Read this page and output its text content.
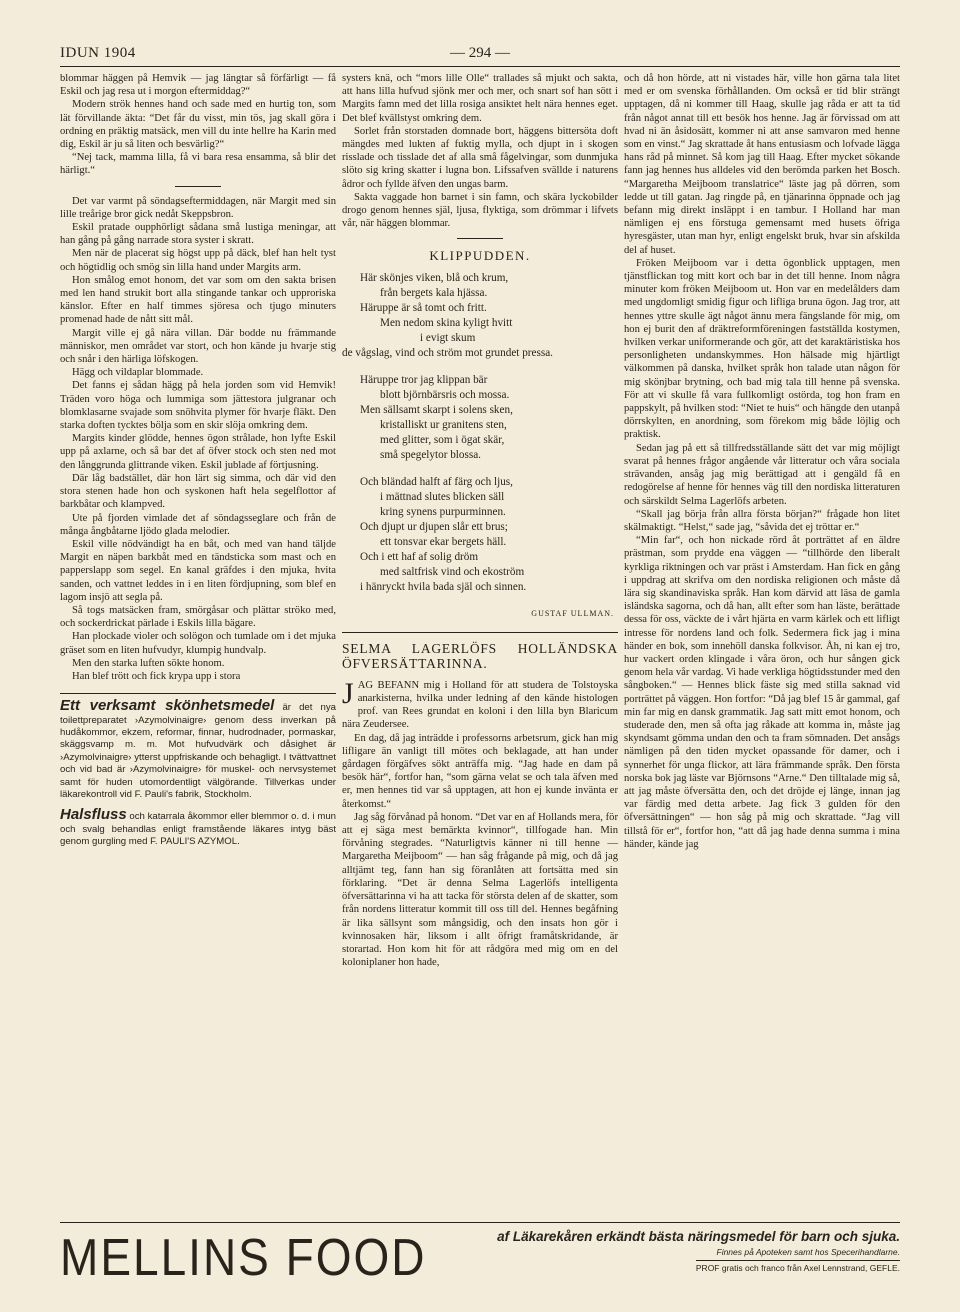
IDUN 1904	— 294 —

blommar häggen på Hemvik — jag längtar så förfärligt — få Eskil och jag resa ut i morgon eftermiddag?“

Modern strök hennes hand och sade med en hurtig ton, som lät förvillande äkta: “Det får du visst, min tös, jag skall göra i ordning en präktig matsäck, men vill du inte hellre ha Karin med dig, Eskil är ju så liten och besvärlig?“

“Nej tack, mamma lilla, få vi bara resa ensamma, så blir det härligt.“

Det var varmt på söndagseftermiddagen, när Margit med sin lille treårige bror gick nedåt Skeppsbron.

Eskil pratade oupphörligt sådana små lustiga meningar, att han gång på gång narrade stora syster i skratt.

Men när de placerat sig högst upp på däck, blef han helt tyst och högtidlig och smög sin lilla hand under Margits arm.

Hon smålog emot honom, det var som om den sakta brisen med len hand strukit bort alla stingande tankar och upproriska känslor. Efter en half timmes sjöresa och tjugo minuters promenad hade de nått sitt mål.

Margit ville ej gå nära villan. Där bodde nu främmande människor, men området var stort, och hon kände ju hvarje stig och snår i den härliga löfskogen.

Hägg och vildaplar blommade.

Det fanns ej sådan hägg på hela jorden som vid Hemvik! Träden voro höga och lummiga som jättestora julgranar och blomklasarne svajade som snöhvita plymer för hvarje fläkt. Den starka doften tycktes bölja som en skir slöja omkring dem.

Margits kinder glödde, hennes ögon strålade, hon lyfte Eskil upp på axlarne, och så bar det af öfver stock och sten ned mot den långgrunda glittrande viken. Eskil jublade af förtjusning.

Där låg badstället, där hon lärt sig simma, och där vid den stora stenen hade hon och syskonen haft hela segelflottor af barkbåtar och klampved.

Ute på fjorden vimlade det af söndagsseglare och från de många ångbåtarne ljödo glada melodier.

Eskil ville nödvändigt ha en båt, och med van hand täljde Margit en näpen barkbåt med en tändsticka som mast och en papperslapp som segel. En kanal gräfdes i den mjuka, hvita sanden, och vattnet leddes in i en liten fördjupning, som blef en lagom insjö att segla på.

Så togs matsäcken fram, smörgåsar och plättar ströko med, och sockerdrickat pärlade i Eskils lilla bägare.

Han plockade violer och solögon och tumlade om i det mjuka gräset som en liten hufvudyr, klumpig hundvalp.

Men den starka luften sökte honom.

Han blef trött och fick krypa upp i stora

Ett verksamt skönhetsmedel är det nya toilettpreparatet ›Azymolvinaigre› genom dess inverkan på hudåkommor, ekzem, reformar, finnar, hudrodnader, pormaskar, skäggsvamp m. m. Mot hufvudvärk och dåsighet är ›Azymolvinaigre› ytterst uppfriskande och behagligt. I tvättvattnet och vid bad är ›Azymolvinaigre› för muskel- och nervsystemet samt för huden utomordentligt välgörande. Tillverkas under läkarekontroll vid F. Pauli's fabrik, Stockholm.
Halsfluss och katarrala åkommor eller blemmor o. d. i mun och svalg behandlas enligt framstående läkares intyg bäst genom gurgling med F. PAULI'S AZYMOL.

systers knä, och “mors lille Olle“ trallades så mjukt och sakta, att hans lilla hufvud sjönk mer och mer, och snart sof han sött i Margits famn med det lilla rosiga ansiktet helt nära hennes eget. Det blef kvällstyst omkring dem.

Sorlet från storstaden domnade bort, häggens bittersöta doft mängdes med lukten af fuktig mylla, och djupt in i skogen risslade och tisslade det af alla små fågelvingar, som dunmjuka slöto sig kring skatter i lugna bon. Lifssafven svällde i naturens ådror och fyllde äfven den ungas barm.

Sakta vaggade hon barnet i sin famn, och skära lyckobilder drogo genom hennes själ, ljusa, flyktiga, som drömmar i lifvets vår, när häggen blommar.

KLIPPUDDEN.
Här skönjes viken, blå och krum,
från bergets kala hjässa.
Häruppe är så tomt och fritt.
Men nedom skina kyligt hvitt
i evigt skum
de vågslag, vind och ström mot grundet pressa.
Häruppe tror jag klippan bär
blott björnbärsris och mossa.
Men sällsamt skarpt i solens sken,
kristalliskt ur granitens sten,
med glitter, som i ögat skär,
små spegelytor blossa.
Och bländad halft af färg och ljus,
i mättnad slutes blicken säll
kring synens purpurminnen.
Och djupt ur djupen slår ett brus;
ett tonsvar ekar bergets häll.
Och i ett haf af solig dröm
med saltfrisk vind och ekoström
i hänryckt hvila bada själ och sinnen.
GUSTAF ULLMAN.
SELMA LAGERLÖFS HOLLÄNDSKA ÖFVERSÄTTARINNA.

JAG BEFANN mig i Holland för att studera de Tolstoyska anarkisterna, hvilka under ledning af den kände histologen prof. van Rees grundat en koloni i den lilla byn Blaricum nära Zeudersee.

En dag, då jag inträdde i professorns arbetsrum, gick han mig lifligare än vanligt till mötes och beklagade, att han under gårdagen förgäfves sökt anträffa mig. “Jag hade en dam på besök här“, fortfor han, “som gärna velat se och tala äfven med er, men hennes tid var så upptagen, att hon ej kunde invänta er återkomst.“

Jag såg förvånad på honom. “Det var en af Hollands mera, för att ej säga mest bemärkta kvinnor“, tillfogade han. Min förvåning stegrades. “Naturligtvis känner ni till henne — Margaretha Meijboom“ — han såg frågande på mig, och då jag alltjämt teg, fann han sig föranlåten att fortsätta med sin förklaring. “Det är denna Selma Lagerlöfs intelligenta öfversättarinna vi ha att tacka för största delen af de skatter, som från nordens litteratur kommit till oss till del. Hennes begåfning är lika sällsynt som mångsidig, och den insats hon gör i kvinnosaken här, liksom i allt öfrigt framåtskridande, är storartad. Hon kom hit för att rådgöra med mig om en del koloniplaner hon hade,

och då hon hörde, att ni vistades här, ville hon gärna tala litet med er om svenska förhållanden. Om också er tid blir strängt upptagen, då ni kommer till Haag, skulle jag råda er att ta tid från något annat till ett besök hos henne. Jag är förvissad om att hvad ni än åsidosätt, kommer ni att anse samvaron med henne som en vinst.“ Jag skrattade åt hans entusiasm och lofvade lägga hans råd på minnet. Så kom jag till Haag. Efter mycket sökande fann jag hennes hus alldeles vid den berömda parken het Bosch. “Margaretha Meijboom translatrice“ läste jag på dörren, som ledde ut till gatan. Jag ringde på, en tjänarinna öppnade och jag befann mig direkt insläppt i en tambur. I Holland har man nämligen ej ens förstuga gemensamt med husets öfriga hyresgäster, utan man hyr, enligt engelskt bruk, hvar sin afskilda del af huset.

Fröken Meijboom var i detta ögonblick upptagen, men tjänstflickan tog mitt kort och bar in det till henne. Inom några minuter kom fröken Meijboom ut. Hon var en medelålders dam med ungdomligt smidig figur och lifliga bruna ögon. Jag tror, att hennes yttre skulle ägt något ännu mera fängslande för mig, om hon ej burit den af dräktreformföreningen fastställda kostymen, hvilken verkar uniformerande och gör, att det karaktäristiska hos personligheten undanskymmes. Hon hälsade mig hjärtligt välkommen på danska, hvilket språk hon talade utan någon för mig skönjbar brytning, och bad mig tala till henne på svenska. För att vi skulle få vara fullkomligt ostörda, tog hon fram en pappskylt, på hvilken stod: “Niet te huis“ och hängde den utanpå dörrskylten, en anordning, som förekom mig både löjlig och praktisk.

Sedan jag på ett så tillfredsställande sätt det var mig möjligt svarat på hennes frågor angående vår litteratur och våra sociala strävanden, ansåg jag mig berättigad att i gengäld få en redogörelse af henne för hennes väg till den nordiska litteraturen och särskildt Selma Lagerlöfs arbeten.

“Skall jag börja från allra första början?“ frågade hon litet skälmaktigt. “Helst,“ sade jag, “såvida det ej tröttar er.“

“Min far“, och hon nickade rörd åt porträttet af en äldre prästman, som prydde ena väggen — “tillhörde den liberalt kyrkliga riktningen och var präst i Amsterdam. Han fick en gång i uppdrag att skrifva om den nordiska religionen och måste då lära sig skandinaviska språk. Han kom därvid att läsa de gamla isländska sagorna, och då han, allt efter som han läste, berättade dessa för oss, väckte de i vårt hjärta en varm kärlek och ett lifligt intresse för nordens land och folk. Sedermera fick jag i mina händer en bok, som innehöll danska folkvisor. Åh, ni kan ej tro, hur vackert orden klingade i våra öron, och hur sången gick genom hela vår vardag. Vi hade verkliga högtidsstunder med den sångboken.“ — Hennes blick fäste sig med stilla saknad vid porträttet på väggen. Hon fortfor: “Då jag blef 15 år gammal, gaf min far mig en dansk grammatik. Jag satt mitt emot honom, och studerade den, men så ofta jag råkade att komma in, måste jag skyndsamt gömma undan den och ta fram sömnaden. Det ansågs nämligen på den tiden mycket opassande för damer, och i synnerhet för unga flickor, att lära främmande språk. Den första norska bok jag läste var Björnsons “Arne.“ Den tilltalade mig så, att jag måste öfversätta den, och det dröjde ej länge, innan jag var färdig med detta arbete. Jag fick 3 gulden för den öfversättningen“ — hon såg på mig och skrattade. “Jag vill tillstå för er“, fortfor hon, “att då jag hade denna summa i mina händer, kände jag

MELLINS FOOD	af Läkarekåren erkändt bästa näringsmedel för barn och sjuka.
Finnes på Apoteken samt hos Specerihandlarne.
PROF gratis och franco från Axel Lennstrand, GEFLE.
